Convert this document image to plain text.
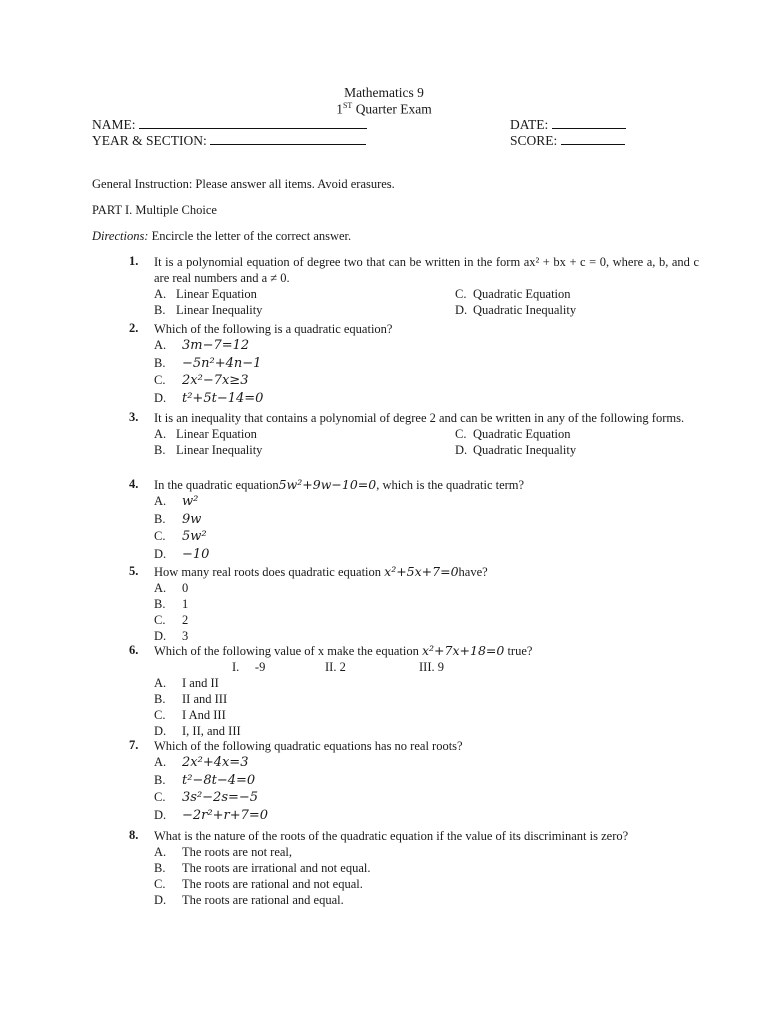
Mathematics 9
1ST Quarter Exam
NAME:	DATE:
YEAR & SECTION:	SCORE:
General Instruction: Please answer all items. Avoid erasures.
PART I. Multiple Choice
Directions: Encircle the letter of the correct answer.
1. It is a polynomial equation of degree two that can be written in the form ax² + bx + c = 0, where a, b, and c are real numbers and a ≠ 0.
A. Linear Equation	C. Quadratic Equation
B. Linear Inequality	D. Quadratic Inequality
2. Which of the following is a quadratic equation?
A.	3m−7=12
B.	−5n²+4n−1
C.	2x²−7x≥3
D.	t²+5t−14=0
3. It is an inequality that contains a polynomial of degree 2 and can be written in any of the following forms.
A. Linear Equation	C. Quadratic Equation
B. Linear Inequality	D. Quadratic Inequality
4. In the quadratic equation5w²+9w−10=0, which is the quadratic term?
A.	w²
B.	9w
C.	5w²
D.	−10
5. How many real roots does quadratic equation x²+5x+7=0have?
A.	0
B.	1
C.	2
D.	3
6. Which of the following value of x make the equation x²+7x+18=0 true?
I.     -9	II. 2	III. 9
A.	I and II
B.	II and III
C.	I And III
D.	I, II, and III
7. Which of the following quadratic equations has no real roots?
A.	2x²+4x=3
B.	t²−8t−4=0
C.	3s²−2s=−5
D.	−2r²+r+7=0
8. What is the nature of the roots of the quadratic equation if the value of its discriminant is zero?
A.	The roots are not real,
B.	The roots are irrational and not equal.
C.	The roots are rational and not equal.
D.	The roots are rational and equal.
